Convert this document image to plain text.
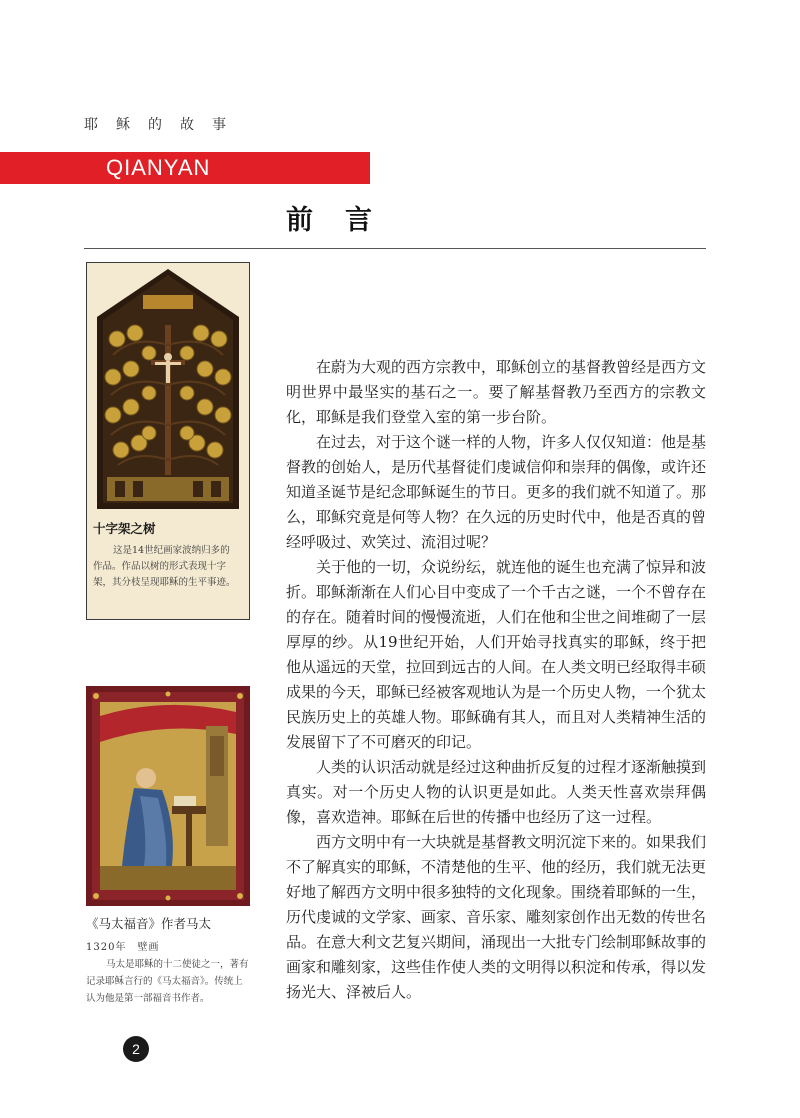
耶稣的故事
QIANYAN
前言
十字架之树
这是14世纪画家波纳归多的作品。作品以树的形式表现十字架，其分枝呈现耶稣的生平事迹。
《马太福音》作者马太
1320年　壁画
马太是耶稣的十二使徒之一，著有记录耶稣言行的《马太福音》。传统上认为他是第一部福音书作者。

在蔚为大观的西方宗教中，耶稣创立的基督教曾经是西方文明世界中最坚实的基石之一。要了解基督教乃至西方的宗教文化，耶稣是我们登堂入室的第一步台阶。

在过去，对于这个谜一样的人物，许多人仅仅知道：他是基督教的创始人，是历代基督徒们虔诚信仰和崇拜的偶像，或许还知道圣诞节是纪念耶稣诞生的节日。更多的我们就不知道了。那么，耶稣究竟是何等人物？在久远的历史时代中，他是否真的曾经呼吸过、欢笑过、流泪过呢？

关于他的一切，众说纷纭，就连他的诞生也充满了惊异和波折。耶稣渐渐在人们心目中变成了一个千古之谜，一个不曾存在的存在。随着时间的慢慢流逝，人们在他和尘世之间堆砌了一层厚厚的纱。从19世纪开始，人们开始寻找真实的耶稣，终于把他从遥远的天堂，拉回到远古的人间。在人类文明已经取得丰硕成果的今天，耶稣已经被客观地认为是一个历史人物，一个犹太民族历史上的英雄人物。耶稣确有其人，而且对人类精神生活的发展留下了不可磨灭的印记。

人类的认识活动就是经过这种曲折反复的过程才逐渐触摸到真实。对一个历史人物的认识更是如此。人类天性喜欢崇拜偶像，喜欢造神。耶稣在后世的传播中也经历了这一过程。

西方文明中有一大块就是基督教文明沉淀下来的。如果我们不了解真实的耶稣，不清楚他的生平、他的经历，我们就无法更好地了解西方文明中很多独特的文化现象。围绕着耶稣的一生，历代虔诚的文学家、画家、音乐家、雕刻家创作出无数的传世名品。在意大利文艺复兴期间，涌现出一大批专门绘制耶稣故事的画家和雕刻家，这些佳作使人类的文明得以积淀和传承，得以发扬光大、泽被后人。

2
